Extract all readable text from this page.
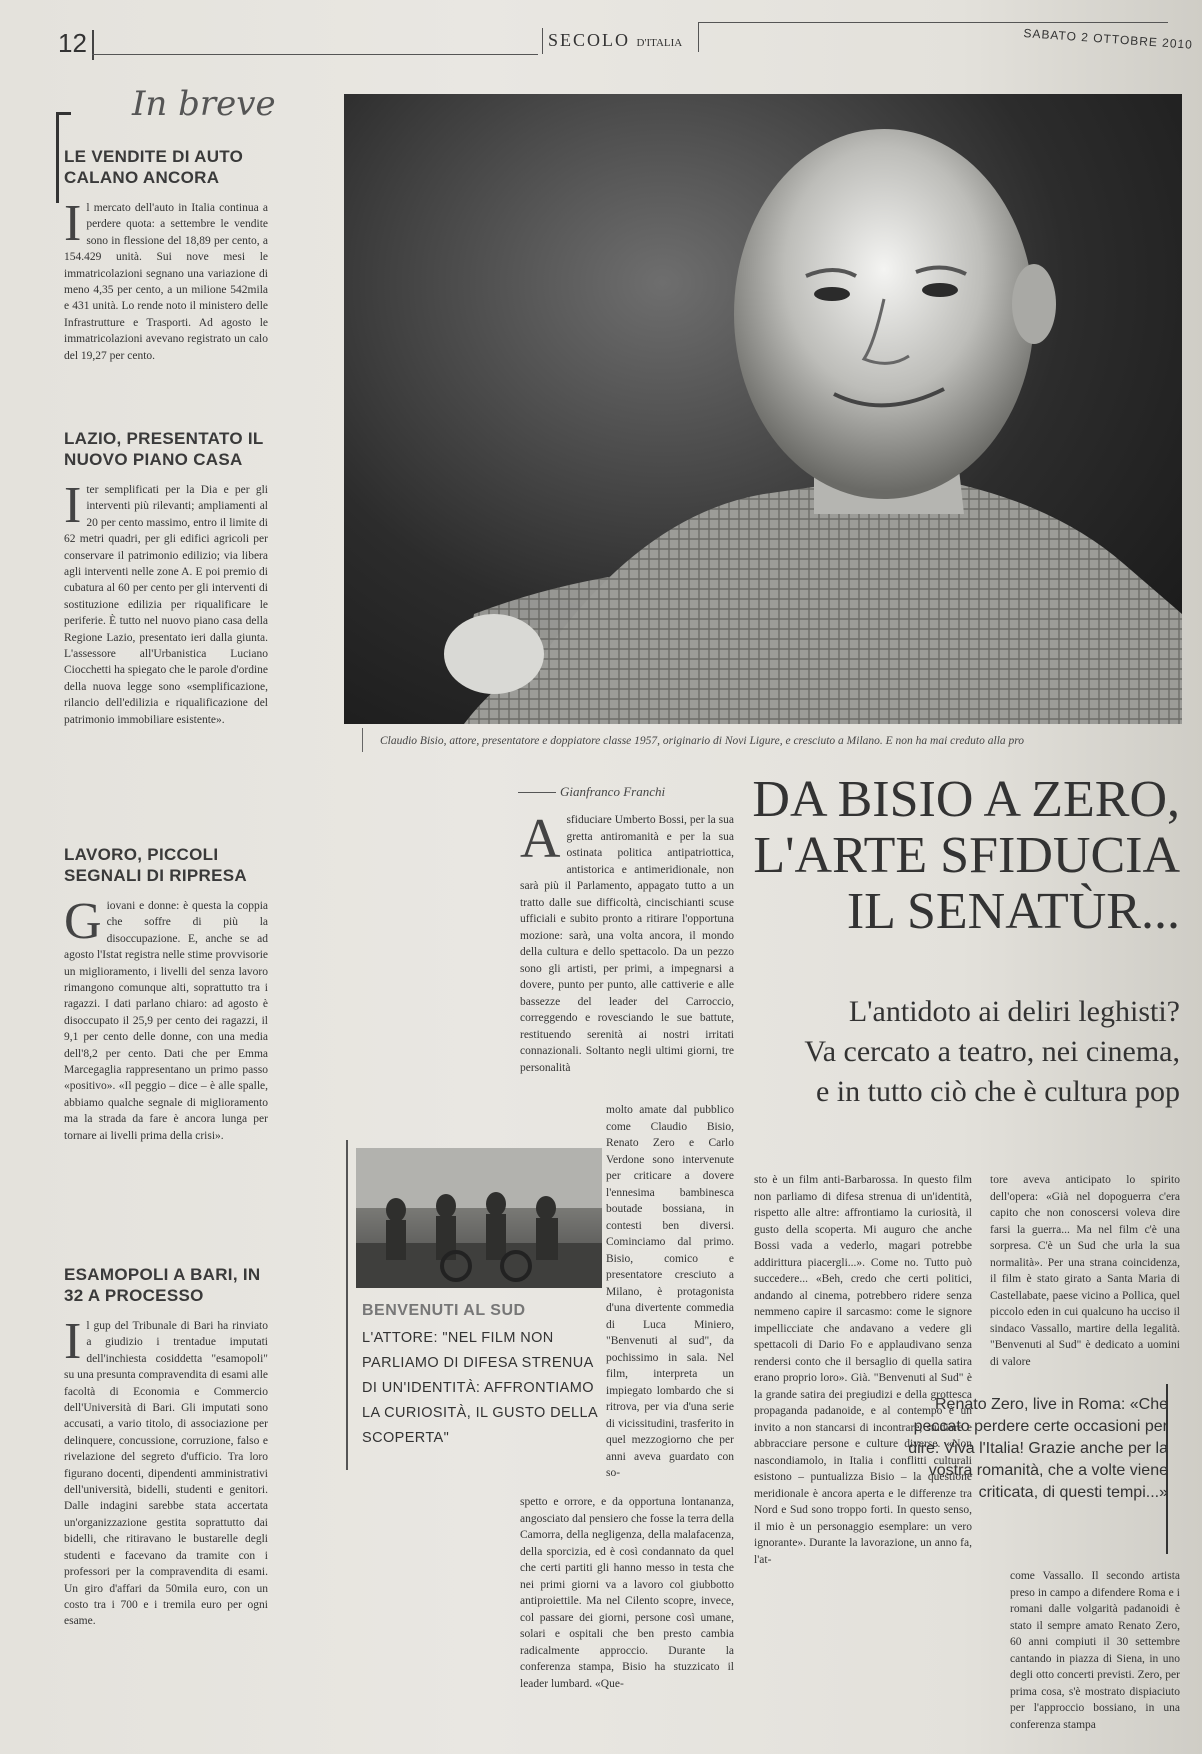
12	SECOLO D'ITALIA	SABATO 2 OTTOBRE 2010
In breve
LE VENDITE DI AUTO CALANO ANCORA
Il mercato dell'auto in Italia continua a perdere quota: a settembre le vendite sono in flessione del 18,89 per cento, a 154.429 unità. Sui nove mesi le immatricolazioni segnano una variazione di meno 4,35 per cento, a un milione 542mila e 431 unità. Lo rende noto il ministero delle Infrastrutture e Trasporti. Ad agosto le immatricolazioni avevano registrato un calo del 19,27 per cento.
LAZIO, PRESENTATO IL NUOVO PIANO CASA
Iter semplificati per la Dia e per gli interventi più rilevanti; ampliamenti al 20 per cento massimo, entro il limite di 62 metri quadri, per gli edifici agricoli per conservare il patrimonio edilizio; via libera agli interventi nelle zone A. E poi premio di cubatura al 60 per cento per gli interventi di sostituzione edilizia per riqualificare le periferie. È tutto nel nuovo piano casa della Regione Lazio, presentato ieri dalla giunta. L'assessore all'Urbanistica Luciano Ciocchetti ha spiegato che le parole d'ordine della nuova legge sono «semplificazione, rilancio dell'edilizia e riqualificazione del patrimonio immobiliare esistente».
LAVORO, PICCOLI SEGNALI DI RIPRESA
Giovani e donne: è questa la coppia che soffre di più la disoccupazione. E, anche se ad agosto l'Istat registra nelle stime provvisorie un miglioramento, i livelli del senza lavoro rimangono comunque alti, soprattutto tra i ragazzi. I dati parlano chiaro: ad agosto è disoccupato il 25,9 per cento dei ragazzi, il 9,1 per cento delle donne, con una media dell'8,2 per cento. Dati che per Emma Marcegaglia rappresentano un primo passo «positivo». «Il peggio – dice – è alle spalle, abbiamo qualche segnale di miglioramento ma la strada da fare è ancora lunga per tornare ai livelli prima della crisi».
ESAMOPOLI A BARI, IN 32 A PROCESSO
Il gup del Tribunale di Bari ha rinviato a giudizio i trentadue imputati dell'inchiesta cosiddetta "esamopoli" su una presunta compravendita di esami alle facoltà di Economia e Commercio dell'Università di Bari. Gli imputati sono accusati, a vario titolo, di associazione per delinquere, concussione, corruzione, falso e rivelazione del segreto d'ufficio. Tra loro figurano docenti, dipendenti amministrativi dell'università, bidelli, studenti e genitori. Dalle indagini sarebbe stata accertata un'organizzazione gestita soprattutto dai bidelli, che ritiravano le bustarelle degli studenti e facevano da tramite con i professori per la compravendita di esami. Un giro d'affari da 50mila euro, con un costo tra i 700 e i tremila euro per ogni esame.
Claudio Bisio, attore, presentatore e doppiatore classe 1957, originario di Novi Ligure, e cresciuto a Milano. E non ha mai creduto alla pro
Gianfranco Franchi DA BISIO A ZERO,
L'ARTE SFIDUCIA
IL SENATÙR...
L'antidoto ai deliri leghisti?
Va cercato a teatro, nei cinema,
e in tutto ciò che è cultura pop
Asfiduciare Umberto Bossi, per la sua gretta antiromanità e per la sua ostinata politica antipatriottica, antistorica e antimeridionale, non sarà più il Parlamento, appagato tutto a un tratto dalle sue difficoltà, cincischianti scuse ufficiali e subito pronto a ritirare l'opportuna mozione: sarà, una volta ancora, il mondo della cultura e dello spettacolo. Da un pezzo sono gli artisti, per primi, a impegnarsi a dovere, punto per punto, alle cattiverie e alle bassezze del leader del Carroccio, correggendo e rovesciando le sue battute, restituendo serenità ai nostri irritati connazionali. Soltanto negli ultimi giorni, tre personalità
molto amate dal pubblico come Claudio Bisio, Renato Zero e Carlo Verdone sono intervenute per criticare a dovere l'ennesima bambinesca boutade bossiana, in contesti ben diversi. Cominciamo dal primo. Bisio, comico e presentatore cresciuto a Milano, è protagonista d'una divertente commedia di Luca Miniero, "Benvenuti al sud", da pochissimo in sala. Nel film, interpreta un impiegato lombardo che si ritrova, per via d'una serie di vicissitudini, trasferito in quel mezzogiorno che per anni aveva guardato con so-
spetto e orrore, e da opportuna lontananza, angosciato dal pensiero che fosse la terra della Camorra, della negligenza, della malafacenza, della sporcizia, ed è così condannato da quel che certi partiti gli hanno messo in testa che nei primi giorni va a lavoro col giubbotto antiproiettile. Ma nel Cilento scopre, invece, col passare dei giorni, persone così umane, solari e ospitali che ben presto cambia radicalmente approccio. Durante la conferenza stampa, Bisio ha stuzzicato il leader lumbard. «Que-
sto è un film anti-Barbarossa. In questo film non parliamo di difesa strenua di un'identità, rispetto alle altre: affrontiamo la curiosità, il gusto della scoperta. Mi auguro che anche Bossi vada a vederlo, magari potrebbe addirittura piacergli...». Come no. Tutto può succedere... «Beh, credo che certi politici, andando al cinema, potrebbero ridere senza nemmeno capire il sarcasmo: come le signore impellicciate che andavano a vedere gli spettacoli di Dario Fo e applaudivano senza rendersi conto che il bersaglio di quella satira erano proprio loro». Già. "Benvenuti al Sud" è la grande satira dei pregiudizi e della grottesca propaganda padanoide, e al contempo è un invito a non stancarsi di incontrare, studiare e abbracciare persone e culture diverse. «Non nascondiamolo, in Italia i conflitti culturali esistono – puntualizza Bisio – la questione meridionale è ancora aperta e le differenze tra Nord e Sud sono troppo forti. In questo senso, il mio è un personaggio esemplare: un vero ignorante». Durante la lavorazione, un anno fa, l'at-
tore aveva anticipato lo spirito dell'opera: «Già nel dopoguerra c'era capito che non conoscersi voleva dire farsi la guerra... Ma nel film c'è una sorpresa. C'è un Sud che urla la sua normalità». Per una strana coincidenza, il film è stato girato a Santa Maria di Castellabate, paese vicino a Pollica, quel piccolo eden in cui qualcuno ha ucciso il sindaco Vassallo, martire della legalità. "Benvenuti al Sud" è dedicato a uomini di valore
come Vassallo. Il secondo artista preso in campo a difendere Roma e i romani dalle volgarità padanoidi è stato il sempre amato Renato Zero, 60 anni compiuti il 30 settembre cantando in piazza di Siena, in uno degli otto concerti previsti. Zero, per prima cosa, s'è mostrato dispiaciuto per l'approccio bossiano, in una conferenza stampa
BENVENUTI AL SUD
L'ATTORE: "NEL FILM NON PARLIAMO DI DIFESA STRENUA DI UN'IDENTITÀ: AFFRONTIAMO LA CURIOSITÀ, IL GUSTO DELLA SCOPERTA"
Renato Zero, live in Roma: «Che peccato perdere certe occasioni per dire: Viva l'Italia! Grazie anche per la vostra romanità, che a volte viene criticata, di questi tempi...»
